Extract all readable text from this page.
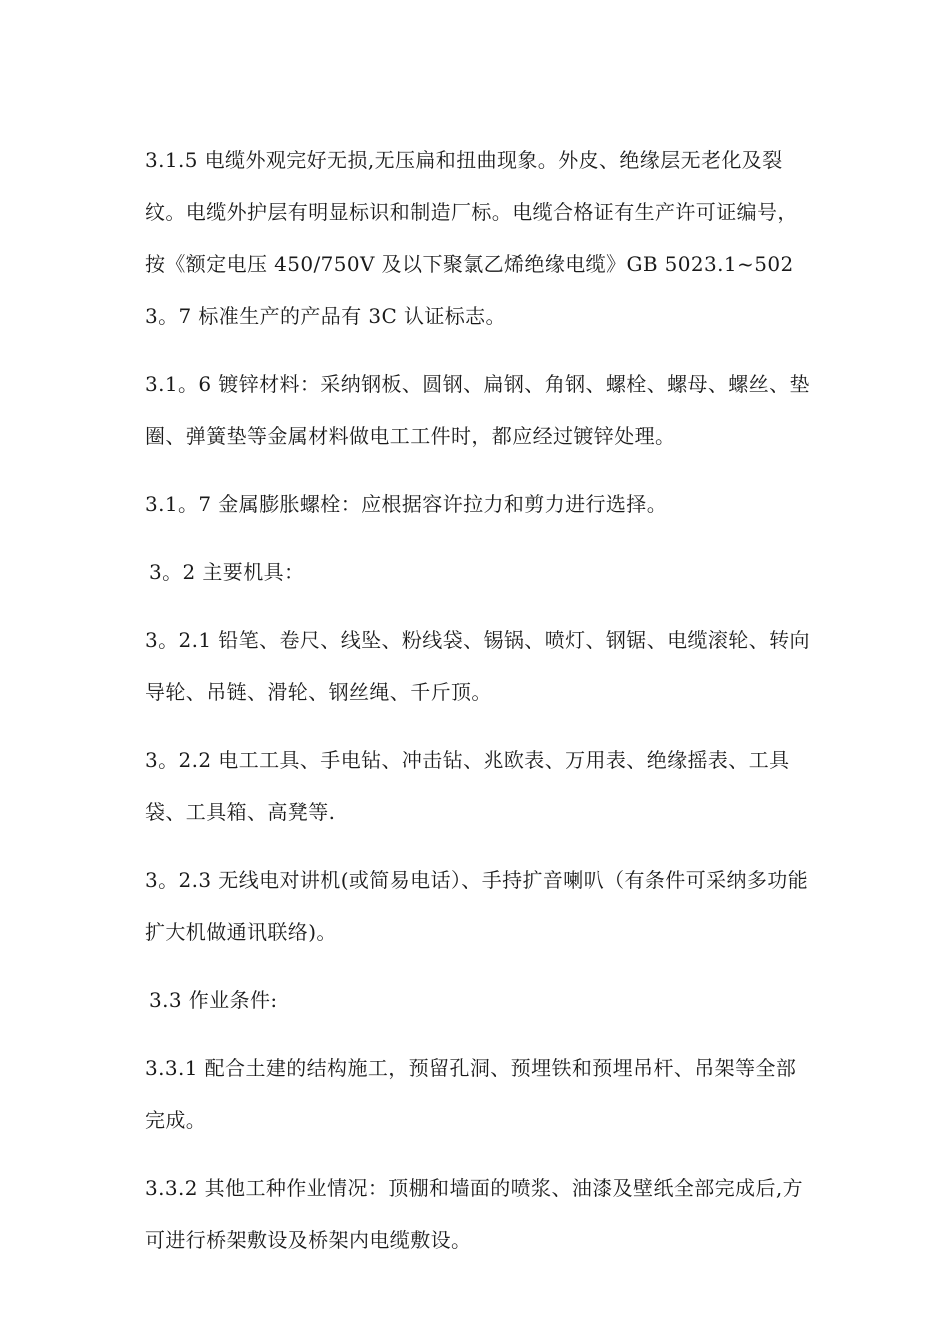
3.1.5 电缆外观完好无损,无压扁和扭曲现象。外皮、绝缘层无老化及裂纹。电缆外护层有明显标识和制造厂标。电缆合格证有生产许可证编号，按《额定电压 450/750V 及以下聚氯乙烯绝缘电缆》GB 5023.1~5023。7 标准生产的产品有 3C 认证标志。

3.1。6 镀锌材料：采纳钢板、圆钢、扁钢、角钢、螺栓、螺母、螺丝、垫圈、弹簧垫等金属材料做电工工件时，都应经过镀锌处理。

3.1。7 金属膨胀螺栓：应根据容许拉力和剪力进行选择。

3。2 主要机具：

3。2.1 铅笔、卷尺、线坠、粉线袋、锡锅、喷灯、钢锯、电缆滚轮、转向导轮、吊链、滑轮、钢丝绳、千斤顶。

3。2.2 电工工具、手电钻、冲击钻、兆欧表、万用表、绝缘摇表、工具袋、工具箱、高凳等.

3。2.3 无线电对讲机(或简易电话）、手持扩音喇叭（有条件可采纳多功能扩大机做通讯联络)。

3.3 作业条件:

3.3.1 配合土建的结构施工，预留孔洞、预埋铁和预埋吊杆、吊架等全部完成。

3.3.2 其他工种作业情况：顶棚和墙面的喷浆、油漆及壁纸全部完成后,方可进行桥架敷设及桥架内电缆敷设。
